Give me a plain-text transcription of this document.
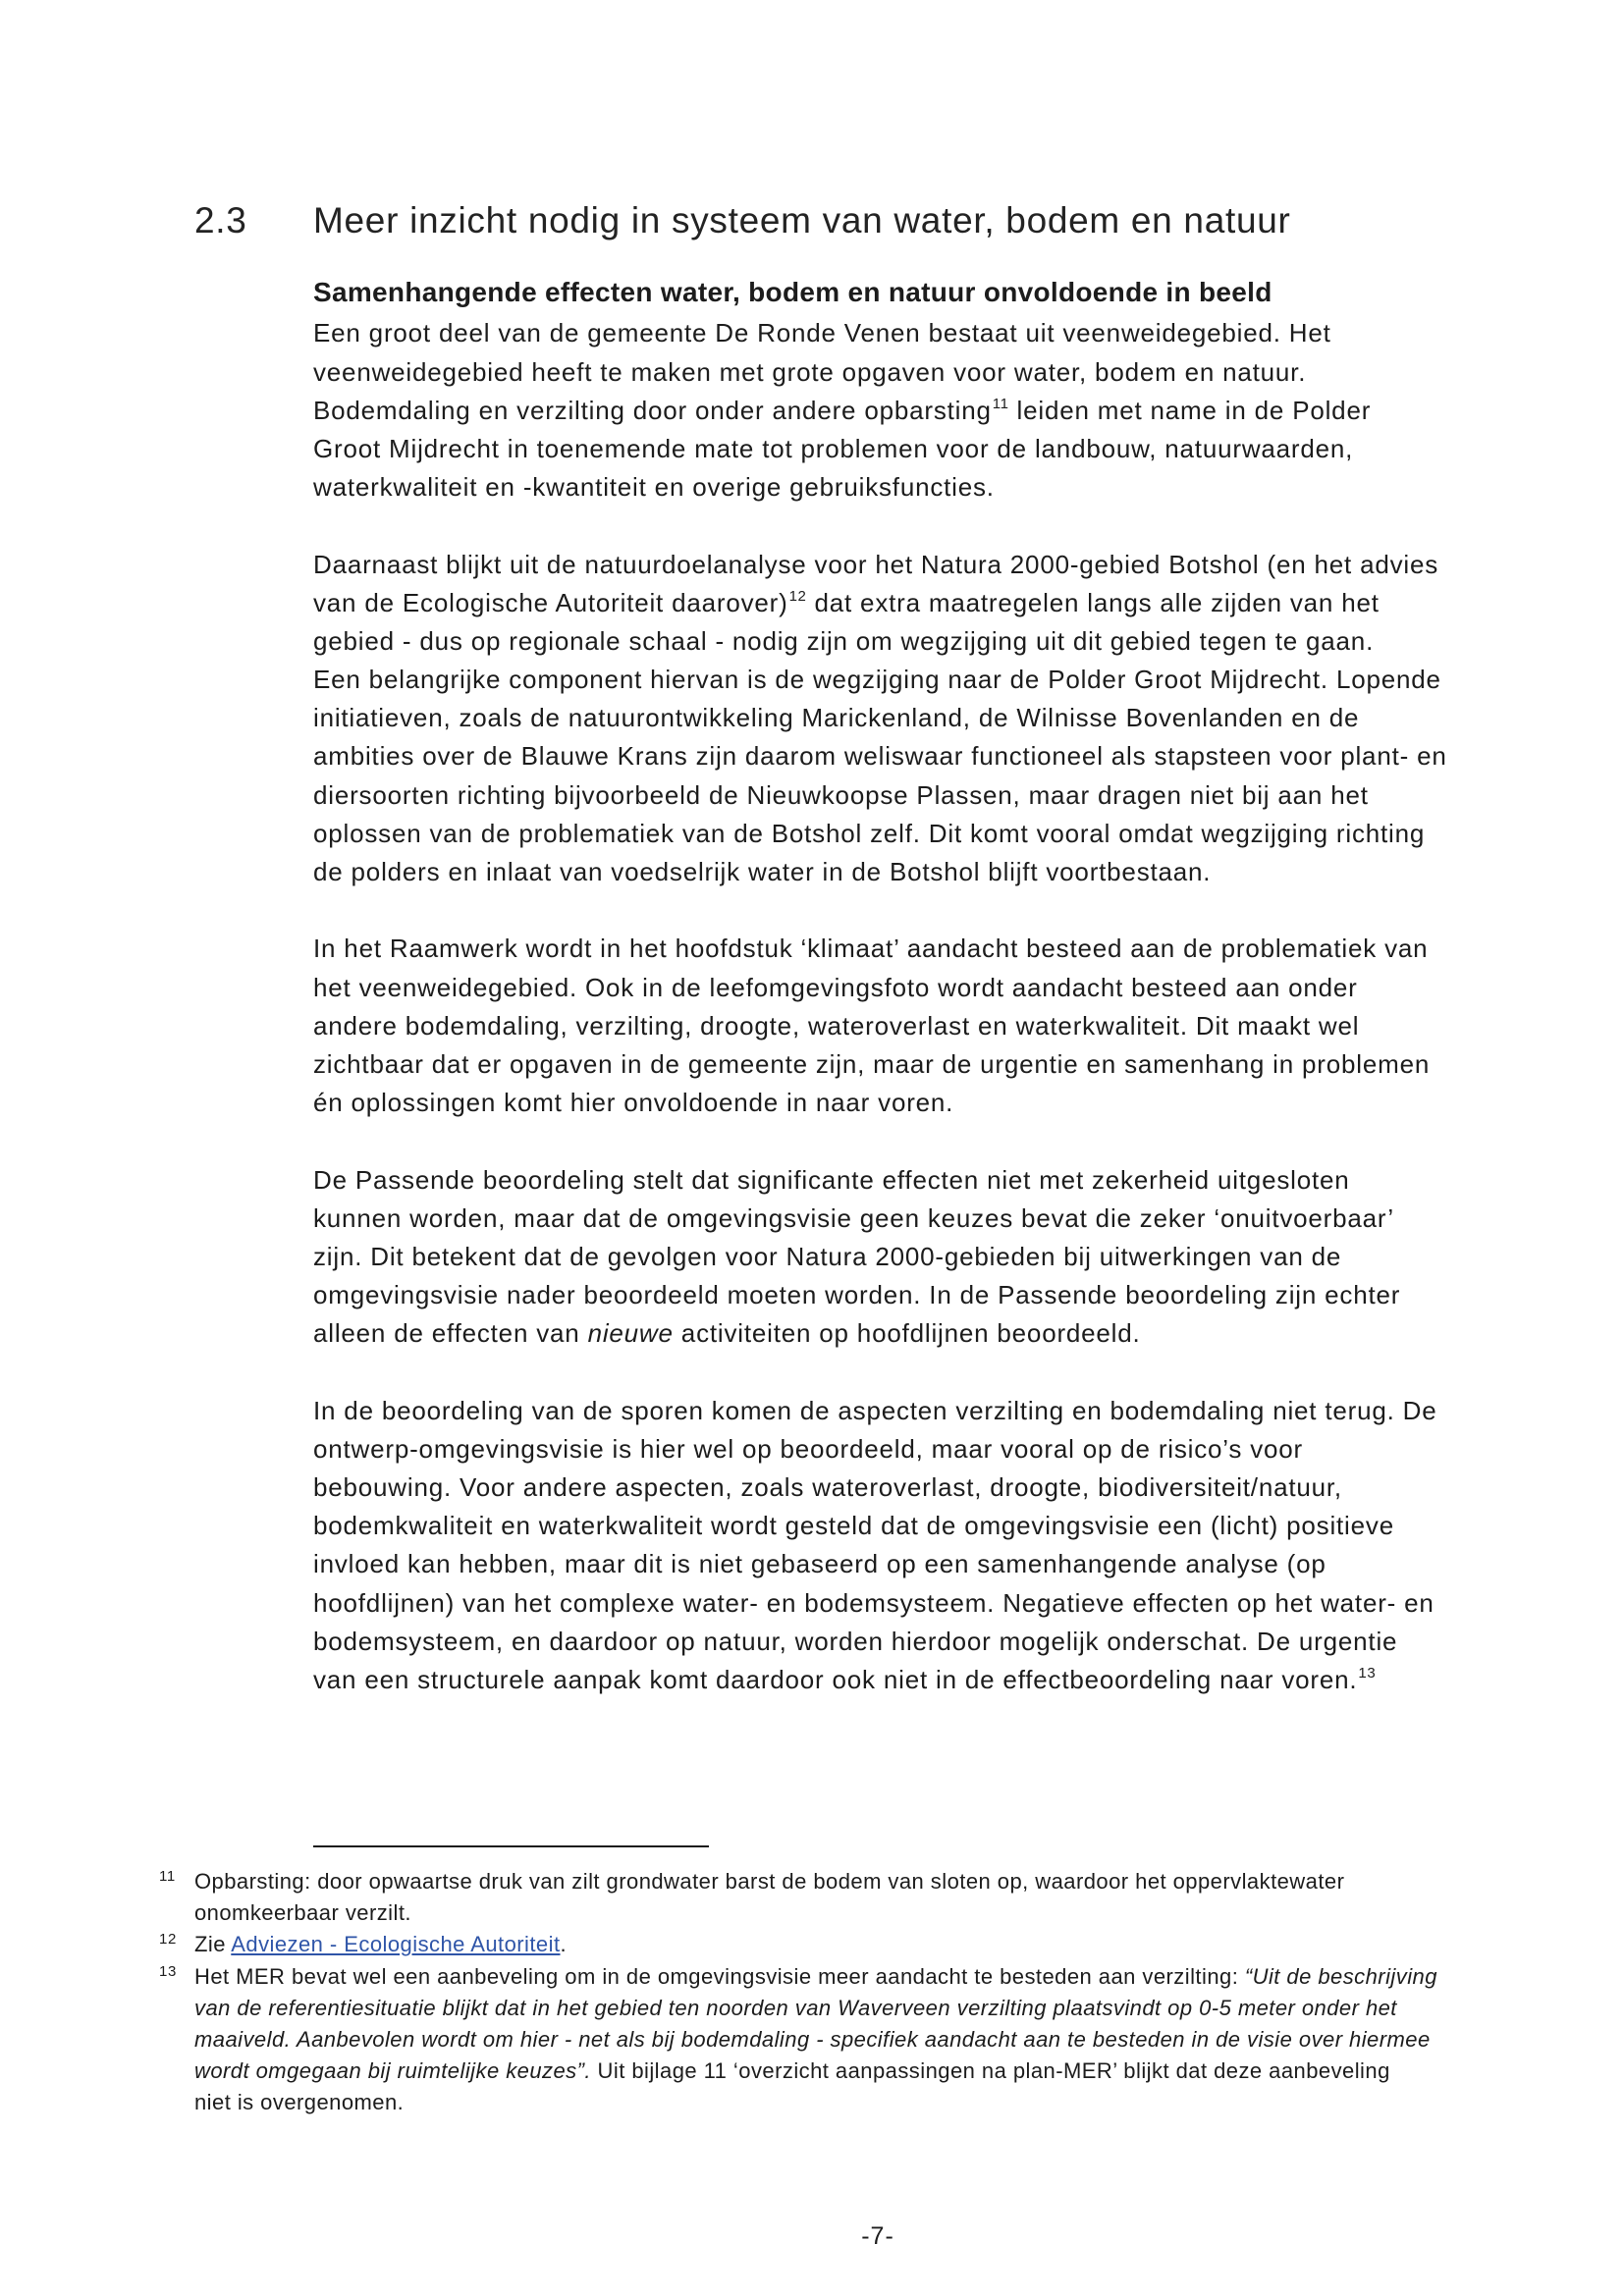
2.3 Meer inzicht nodig in systeem van water, bodem en natuur
Samenhangende effecten water, bodem en natuur onvoldoende in beeld
Een groot deel van de gemeente De Ronde Venen bestaat uit veenweidegebied. Het
veenweidegebied heeft te maken met grote opgaven voor water, bodem en natuur.
Bodemdaling en verzilting door onder andere opbarsting$^{11}$ leiden met name in de Polder
Groot Mijdrecht in toenemende mate tot problemen voor de landbouw, natuurwaarden,
waterkwaliteit en -kwantiteit en overige gebruiksfuncties.
Daarnaast blijkt uit de natuurdoelanalyse voor het Natura 2000-gebied Botshol (en het advies
van de Ecologische Autoriteit daarover)$^{12}$ dat extra maatregelen langs alle zijden van het
gebied - dus op regionale schaal - nodig zijn om wegzijging uit dit gebied tegen te gaan.
Een belangrijke component hiervan is de wegzijging naar de Polder Groot Mijdrecht. Lopende
initiatieven, zoals de natuurontwikkeling Marickenland, de Wilnisse Bovenlanden en de
ambities over de Blauwe Krans zijn daarom weliswaar functioneel als stapsteen voor plant- en
diersoorten richting bijvoorbeeld de Nieuwkoopse Plassen, maar dragen niet bij aan het
oplossen van de problematiek van de Botshol zelf. Dit komt vooral omdat wegzijging richting
de polders en inlaat van voedselrijk water in de Botshol blijft voortbestaan.
In het Raamwerk wordt in het hoofdstuk ‘klimaat’ aandacht besteed aan de problematiek van
het veenweidegebied. Ook in de leefomgevingsfoto wordt aandacht besteed aan onder
andere bodemdaling, verzilting, droogte, wateroverlast en waterkwaliteit. Dit maakt wel
zichtbaar dat er opgaven in de gemeente zijn, maar de urgentie en samenhang in problemen
én oplossingen komt hier onvoldoende in naar voren.
De Passende beoordeling stelt dat significante effecten niet met zekerheid uitgesloten
kunnen worden, maar dat de omgevingsvisie geen keuzes bevat die zeker ‘onuitvoerbaar’
zijn. Dit betekent dat de gevolgen voor Natura 2000-gebieden bij uitwerkingen van de
omgevingsvisie nader beoordeeld moeten worden. In de Passende beoordeling zijn echter
alleen de effecten van nieuwe activiteiten op hoofdlijnen beoordeeld.
In de beoordeling van de sporen komen de aspecten verzilting en bodemdaling niet terug. De
ontwerp-omgevingsvisie is hier wel op beoordeeld, maar vooral op de risico’s voor
bebouwing. Voor andere aspecten, zoals wateroverlast, droogte, biodiversiteit/natuur,
bodemkwaliteit en waterkwaliteit wordt gesteld dat de omgevingsvisie een (licht) positieve
invloed kan hebben, maar dit is niet gebaseerd op een samenhangende analyse (op
hoofdlijnen) van het complexe water- en bodemsysteem. Negatieve effecten op het water- en
bodemsysteem, en daardoor op natuur, worden hierdoor mogelijk onderschat. De urgentie
van een structurele aanpak komt daardoor ook niet in de effectbeoordeling naar voren.$^{13}$
11 Opbarsting: door opwaartse druk van zilt grondwater barst de bodem van sloten op, waardoor het oppervlaktewater
onomkeerbaar verzilt.
12 Zie Adviezen - Ecologische Autoriteit.
13 Het MER bevat wel een aanbeveling om in de omgevingsvisie meer aandacht te besteden aan verzilting: “Uit de beschrijving
van de referentiesituatie blijkt dat in het gebied ten noorden van Waverveen verzilting plaatsvindt op 0-5 meter onder het
maaiveld. Aanbevolen wordt om hier - net als bij bodemdaling - specifiek aandacht aan te besteden in de visie over hiermee
wordt omgegaan bij ruimtelijke keuzes”. Uit bijlage 11 ‘overzicht aanpassingen na plan-MER’ blijkt dat deze aanbeveling
niet is overgenomen.
-7-
